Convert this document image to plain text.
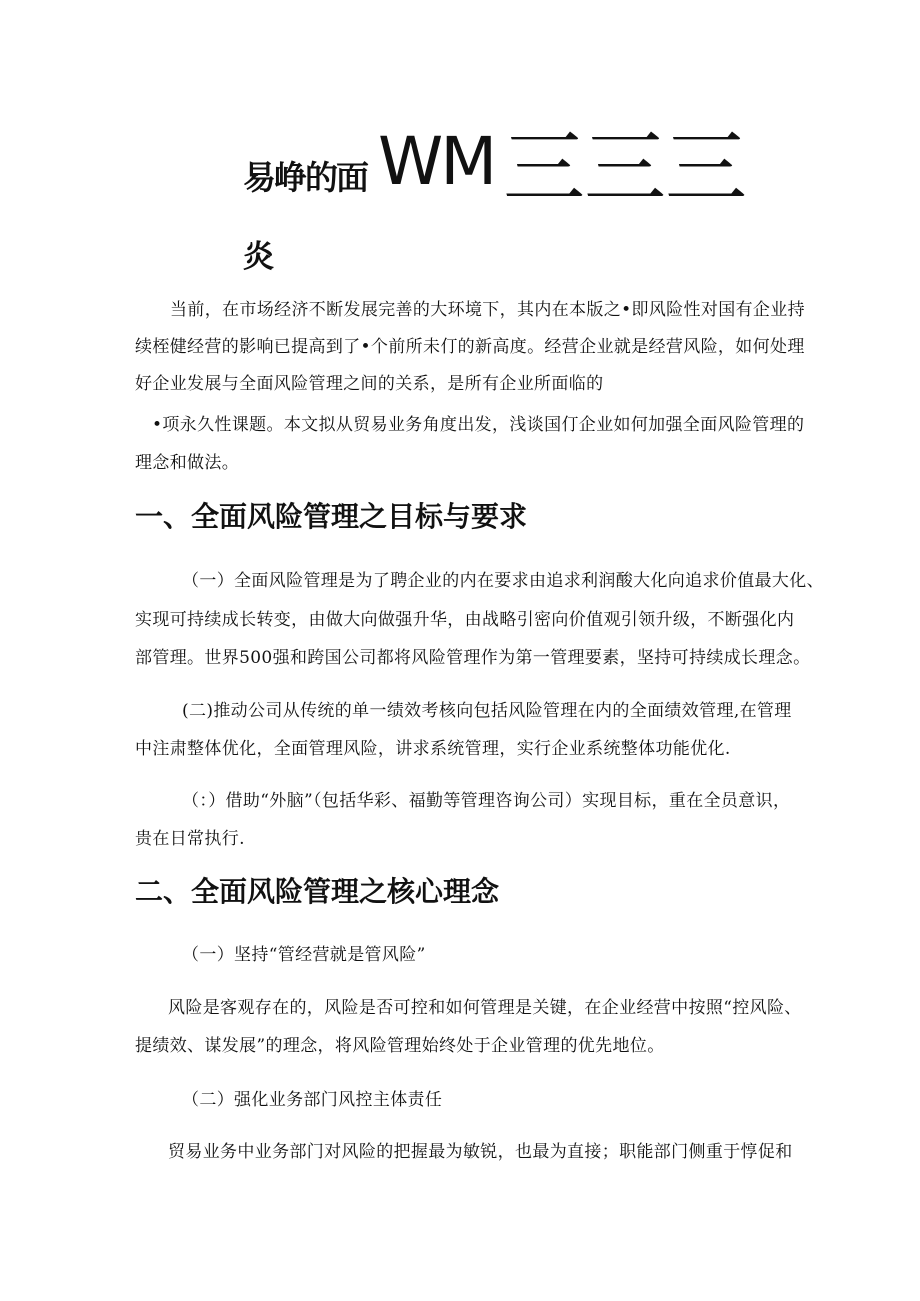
易峥的面 WM 三三三
炎

当前，在市场经济不断发展完善的大环境下，其内在本版之•即风险性对国有企业持

续桎健经营的影响已提高到了•个前所未仃的新高度。经营企业就是经营风险，如何处理

好企业发展与全面风险管理之间的关系，是所有企业所面临的

•项永久性课题。本文拟从贸易业务角度出发，浅谈国仃企业如何加强全面风险管理的

理念和做法。

一、全面风险管理之目标与要求

（一）全面风险管理是为了聘企业的内在要求由追求利润酸大化向追求价值最大化、

实现可持续成长转变，由做大向做强升华，由战略引密向价值观引领升级，不断强化内

部管理。世界500强和跨国公司都将风险管理作为第一管理要素，坚持可持续成长理念。

(二)推动公司从传统的单一绩效考核向包括风险管理在内的全面绩效管理,在管理

中注肃整体优化，全面管理风险，讲求系统管理，实行企业系统整体功能优化.

（：）借助“外脑”（包括华彩、福勤等管理咨询公司）实现目标，重在全员意识，

贵在日常执行.

二、全面风险管理之核心理念

（一）坚持“管经营就是管风险”

风险是客观存在的，风险是否可控和如何管理是关键，在企业经营中按照“控风险、

提绩效、谋发展”的理念，将风险管理始终处于企业管理的优先地位。

（二）强化业务部门风控主体责任

贸易业务中业务部门对风险的把握最为敏锐，也最为直接；职能部门侧重于惇促和
